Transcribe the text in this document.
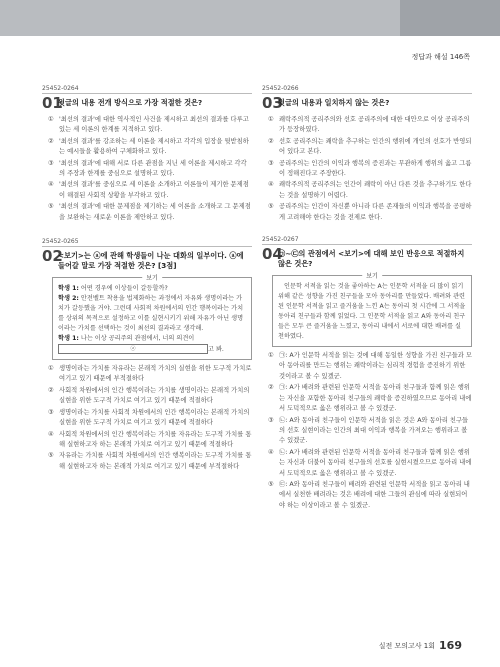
정답과 해설 146쪽
25452-0264
01
윗글의 내용 전개 방식으로 가장 적절한 것은?
① '최선의 결과'에 대한 역사적인 사건을 제시하고 최선의 결과를 다루고 있는 세 이론의 한계를 지적하고 있다.
② '최선의 결과'를 강조하는 세 이론을 제시하고 각각의 입장을 뒷받침하는 예시들을 활용하여 구체화하고 있다.
③ '최선의 결과'에 대해 서로 다른 관점을 지닌 세 이론을 제시하고 각각의 주장과 한계를 중심으로 설명하고 있다.
④ '최선의 결과'를 중심으로 세 이론을 소개하고 이론들이 제기한 문제점이 해결된 사회적 상황을 부각하고 있다.
⑤ '최선의 결과'에 대한 문제점을 제기하는 세 이론을 소개하고 그 문제점을 보완하는 새로운 이론을 제안하고 있다.
25452-0265
02
<보기>는 ⓐ에 관해 학생들이 나눈 대화의 일부이다. ⓐ에 들어갈 말로 가장 적절한 것은? [3점]
보기

학생 1: 어떤 경우에 이상들이 갈등할까?

학생 2: 안전벨트 착용을 법제화하는 과정에서 자유와 생명이라는 가치가 갈등했을 거야. 그런데 사회적 차원에서의 인간 행복이라는 가치를 상위의 목적으로 설정하고 이를 실현시키기 위해 자유가 아닌 생명이라는 가치를 선택하는 것이 최선의 결과라고 생각해.

학생 1: 나는 이상 공리주의 관점에서, 너의 의견이

ⓐ	고 봐.

① 생명이라는 가치를 자유라는 본래적 가치의 실현을 위한 도구적 가치로 여기고 있기 때문에 부적절하다
② 사회적 차원에서의 인간 행복이라는 가치를 생명이라는 본래적 가치의 실현을 위한 도구적 가치로 여기고 있기 때문에 적절하다
③ 생명이라는 가치를 사회적 차원에서의 인간 행복이라는 본래적 가치의 실현을 위한 도구적 가치로 여기고 있기 때문에 적절하다
④ 사회적 차원에서의 인간 행복이라는 가치를 자유라는 도구적 가치를 통해 실현하고자 하는 본래적 가치로 여기고 있기 때문에 적절하다
⑤ 자유라는 가치를 사회적 차원에서의 인간 행복이라는 도구적 가치를 통해 실현하고자 하는 본래적 가치로 여기고 있기 때문에 부적절하다
25452-0266
03
윗글의 내용과 일치하지 않는 것은?
① 쾌락주의적 공리주의와 선호 공리주의에 대한 대안으로 이상 공리주의가 등장하였다.
② 선호 공리주의는 쾌락을 추구하는 인간의 행위에 개인의 선호가 반영되어 있다고 본다.
③ 공리주의는 인간의 이익과 행복의 증진과는 무관하게 행위의 옳고 그름이 정해진다고 주장한다.
④ 쾌락주의적 공리주의는 인간이 쾌락이 아닌 다른 것을 추구하기도 한다는 것을 설명하기 어렵다.
⑤ 공리주의는 인간이 자신뿐 아니라 다른 존재들의 이익과 행복을 공평하게 고려해야 한다는 것을 전제로 한다.
25452-0267
04
㉠~㉢의 관점에서 <보기>에 대해 보인 반응으로 적절하지 않은 것은?
보기

인문학 서적을 읽는 것을 좋아하는 A는 인문학 서적을 더 많이 읽기 위해 같은 성향을 가진 친구들을 모아 동아리를 만들었다. 배려와 관련된 인문학 서적을 읽고 즐거움을 느낀 A는 동아리 첫 시간에 그 서적을 동아리 친구들과 함께 읽었다. 그 인문학 서적을 읽고 A와 동아리 친구들은 모두 큰 즐거움을 느꼈고, 동아리 내에서 서로에 대한 배려를 실천하였다.

① ㉠: A가 인문학 서적을 읽는 것에 대해 동일한 성향을 가진 친구들과 모아 동아리를 만드는 행위는 쾌락이라는 심리적 경험을 증진하기 위한 것이라고 볼 수 있겠군.
② ㉠: A가 배려와 관련된 인문학 서적을 동아리 친구들과 함께 읽은 행위는 자신을 포함한 동아리 친구들의 쾌락을 증진하였으므로 동아리 내에서 도덕적으로 옳은 행위라고 볼 수 있겠군.
③ ㉡: A와 동아리 친구들이 인문학 서적을 읽은 것은 A와 동아리 친구들의 선호 실현이라는 인간의 최대 이익과 행복을 가져오는 행위라고 볼 수 있겠군.
④ ㉡: A가 배려와 관련된 인문학 서적을 동아리 친구들과 함께 읽은 행위는 자신과 더불어 동아리 친구들의 선호를 실현시켰으므로 동아리 내에서 도덕적으로 옳은 행위라고 볼 수 있겠군.
⑤ ㉢: A와 동아리 친구들이 배려와 관련된 인문학 서적을 읽고 동아리 내에서 실천한 배려라는 것은 배려에 대한 그들의 관심에 따라 실현되어야 하는 이상이라고 볼 수 있겠군.
실전 모의고사 1회 169
